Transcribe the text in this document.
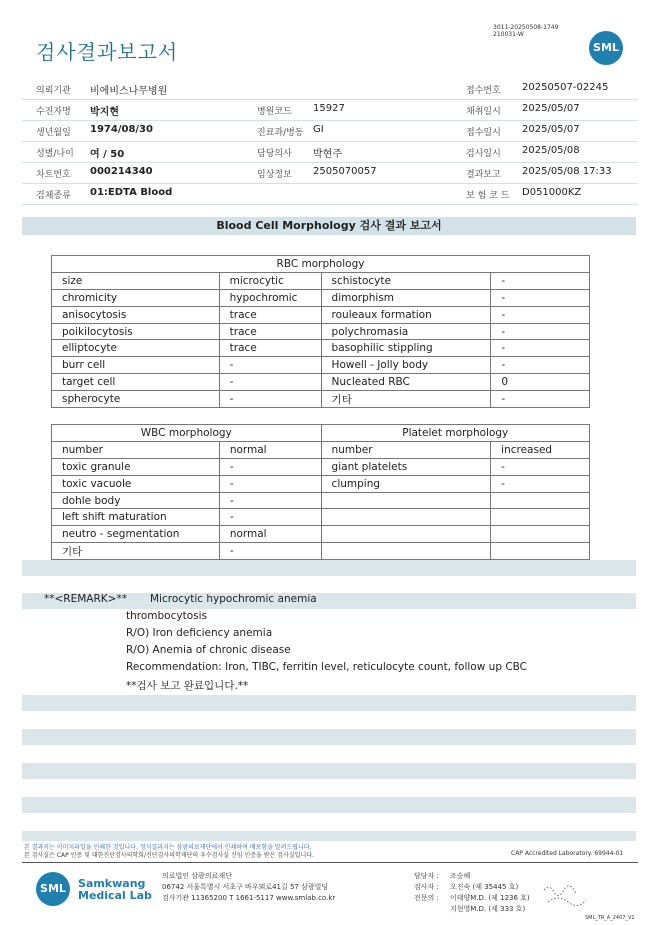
검사결과보고서
3011-20250508-1749
210031-W
SML
의뢰기관 비에비스나무병원	접수번호 20250507-02245
수진자명 박지현	병원코드 15927	채취일시 2025/05/07
생년월일 1974/08/30	진료과/병동 GI	접수일시 2025/05/07
성별/나이 여 / 50	담당의사 박현주	검사일시 2025/05/08
차트번호 000214340	임상정보 2505070057	결과보고 2025/05/08 17:33
검체종류 01:EDTA Blood	보 험 코 드 D051000KZ
Blood Cell Morphology 검사 결과 보고서
RBC morphology			
size	microcytic	schistocyte	-
chromicity	hypochromic	dimorphism	-
anisocytosis	trace	rouleaux formation	-
poikilocytosis	trace	polychromasia	-
elliptocyte	trace	basophilic stippling	-
burr cell	-	Howell - Jolly body	-
target cell	-	Nucleated RBC	0
spherocyte	-	기타	-
WBC morphology		Platelet morphology	
number	normal	number	increased
toxic granule	-	giant platelets	-
toxic vacuole	-	clumping	-
dohle body	-		
left shift maturation	-		
neutro - segmentation	normal		
기타	-		
**<REMARK>** Microcytic hypochromic anemia
thrombocytosis
R/O) Iron deficiency anemia
R/O) Anemia of chronic disease
Recommendation: Iron, TIBC, ferritin level, reticulocyte count, follow up CBC
**검사 보고 완료입니다.**
본 결과지는 이미지파일을 인쇄한 것입니다. 정식결과지는 삼광의료재단에서 인쇄하여 배포함을 알려드립니다.
본 검사실은 CAP 인증 및 대한진단검사의학회/진단검사의학재단의 우수검사실 신임 인증을 받은 검사실입니다.	CAP Accredited Laboratory. 69944-01
SML	Samkwang
Medical Lab
의료법인 삼광의료재단
06742 서울특별시 서초구 바우뫼로41길 57 삼광빌딩
검사기관 11365200 T 1661-5117 www.smlab.co.kr
담당자 : 조승혜
검사자 : 오진숙 (제 35445 호)
전문의 : 이태양M.D. (제 1236 호)
지현영M.D. (제 333 호)
SML_TR_A_2407_V1
